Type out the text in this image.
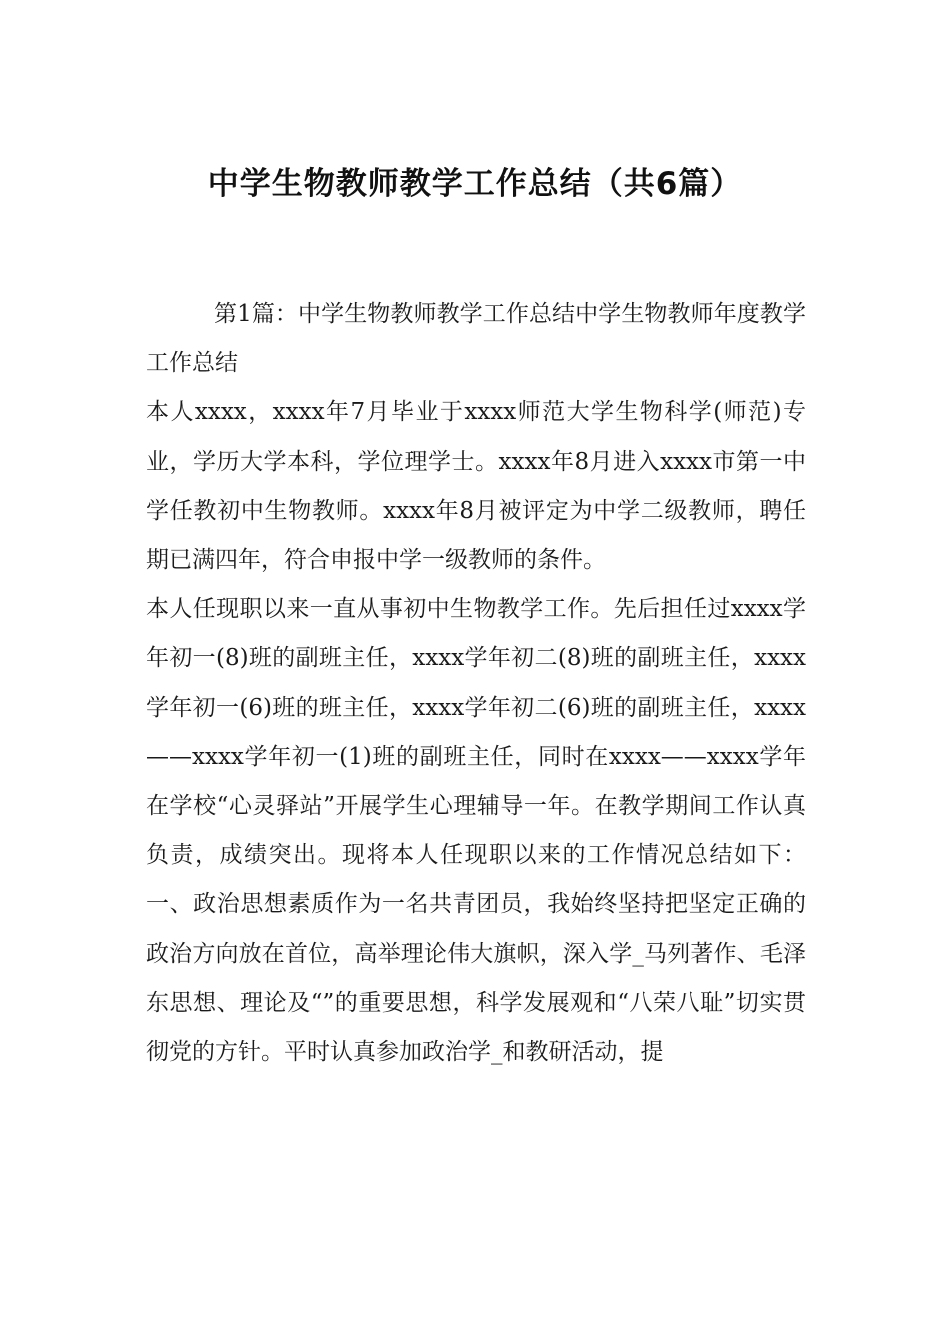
中学生物教师教学工作总结（共6篇）

第1篇：中学生物教师教学工作总结中学生物教师年度教学工作总结

本人xxxx，xxxx年7月毕业于xxxx师范大学生物科学(师范)专业，学历大学本科，学位理学士。xxxx年8月进入xxxx市第一中学任教初中生物教师。xxxx年8月被评定为中学二级教师，聘任期已满四年，符合申报中学一级教师的条件。

本人任现职以来一直从事初中生物教学工作。先后担任过xxxx学年初一(8)班的副班主任，xxxx学年初二(8)班的副班主任，xxxx学年初一(6)班的班主任，xxxx学年初二(6)班的副班主任，xxxx——xxxx学年初一(1)班的副班主任，同时在xxxx——xxxx学年在学校“心灵驿站”开展学生心理辅导一年。在教学期间工作认真负责，成绩突出。现将本人任现职以来的工作情况总结如下： 一、政治思想素质作为一名共青团员，我始终坚持把坚定正确的政治方向放在首位，高举理论伟大旗帜，深入学_马列著作、毛泽东思想、理论及“”的重要思想，科学发展观和“八荣八耻”切实贯彻党的方针。平时认真参加政治学_和教研活动，提
